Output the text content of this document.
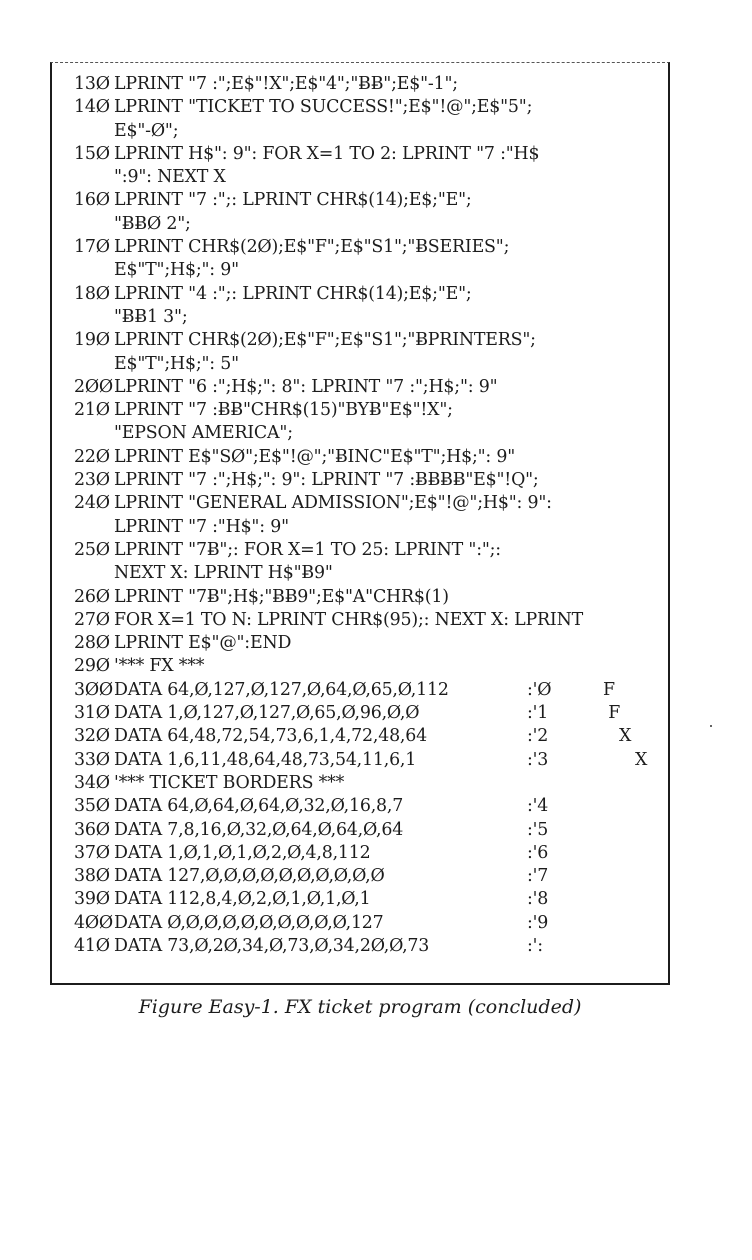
13Ø LPRINT "7 :";E$"!X";E$"4";"ɃɃ";E$"-1";
14Ø LPRINT "TICKET TO SUCCESS!";E$"!@";E$"5";
E$"-Ø";
15Ø LPRINT H$": 9": FOR X=1 TO 2: LPRINT "7 :"H$
":9": NEXT X
16Ø LPRINT "7 :";: LPRINT CHR$(14);E$;"E";
"ɃɃØ 2";
17Ø LPRINT CHR$(2Ø);E$"F";E$"S1";"ɃSERIES";
E$"T";H$;": 9"
18Ø LPRINT "4 :";: LPRINT CHR$(14);E$;"E";
"ɃɃ1 3";
19Ø LPRINT CHR$(2Ø);E$"F";E$"S1";"ɃPRINTERS";
E$"T";H$;": 5"
2ØØLPRINT "6 :";H$;": 8": LPRINT "7 :";H$;": 9"
21Ø LPRINT "7 :ɃɃ"CHR$(15)"BYɃ"E$"!X";
"EPSON AMERICA";
22Ø LPRINT E$"SØ";E$"!@";"ɃINC"E$"T";H$;": 9"
23Ø LPRINT "7 :";H$;": 9": LPRINT "7 :ɃɃɃɃ"E$"!Q";
24Ø LPRINT "GENERAL ADMISSION";E$"!@";H$": 9":
LPRINT "7 :"H$": 9"
25Ø LPRINT "7Ƀ";: FOR X=1 TO 25: LPRINT ":";:
NEXT X: LPRINT H$"Ƀ9"
26Ø LPRINT "7Ƀ";H$;"ɃɃ9";E$"A"CHR$(1)
27Ø FOR X=1 TO N: LPRINT CHR$(95);: NEXT X: LPRINT
28Ø LPRINT E$"@":END
29Ø '*** FX ***
3ØØDATA 64,Ø,127,Ø,127,Ø,64,Ø,65,Ø,112	:'Ø   F
31Ø DATA 1,Ø,127,Ø,127,Ø,65,Ø,96,Ø,Ø	:'1    F
32Ø DATA 64,48,72,54,73,6,1,4,72,48,64	:'2      X
33Ø DATA 1,6,11,48,64,48,73,54,11,6,1	:'3         X
34Ø '*** TICKET BORDERS ***
35Ø DATA 64,Ø,64,Ø,64,Ø,32,Ø,16,8,7	:'4
36Ø DATA 7,8,16,Ø,32,Ø,64,Ø,64,Ø,64	:'5
37Ø DATA 1,Ø,1,Ø,1,Ø,2,Ø,4,8,112	:'6
38Ø DATA 127,Ø,Ø,Ø,Ø,Ø,Ø,Ø,Ø,Ø,Ø	:'7
39Ø DATA 112,8,4,Ø,2,Ø,1,Ø,1,Ø,1	:'8
4ØØDATA Ø,Ø,Ø,Ø,Ø,Ø,Ø,Ø,Ø,Ø,127	:'9
41Ø DATA 73,Ø,2Ø,34,Ø,73,Ø,34,2Ø,Ø,73	:':
Figure Easy-1. FX ticket program (concluded)
